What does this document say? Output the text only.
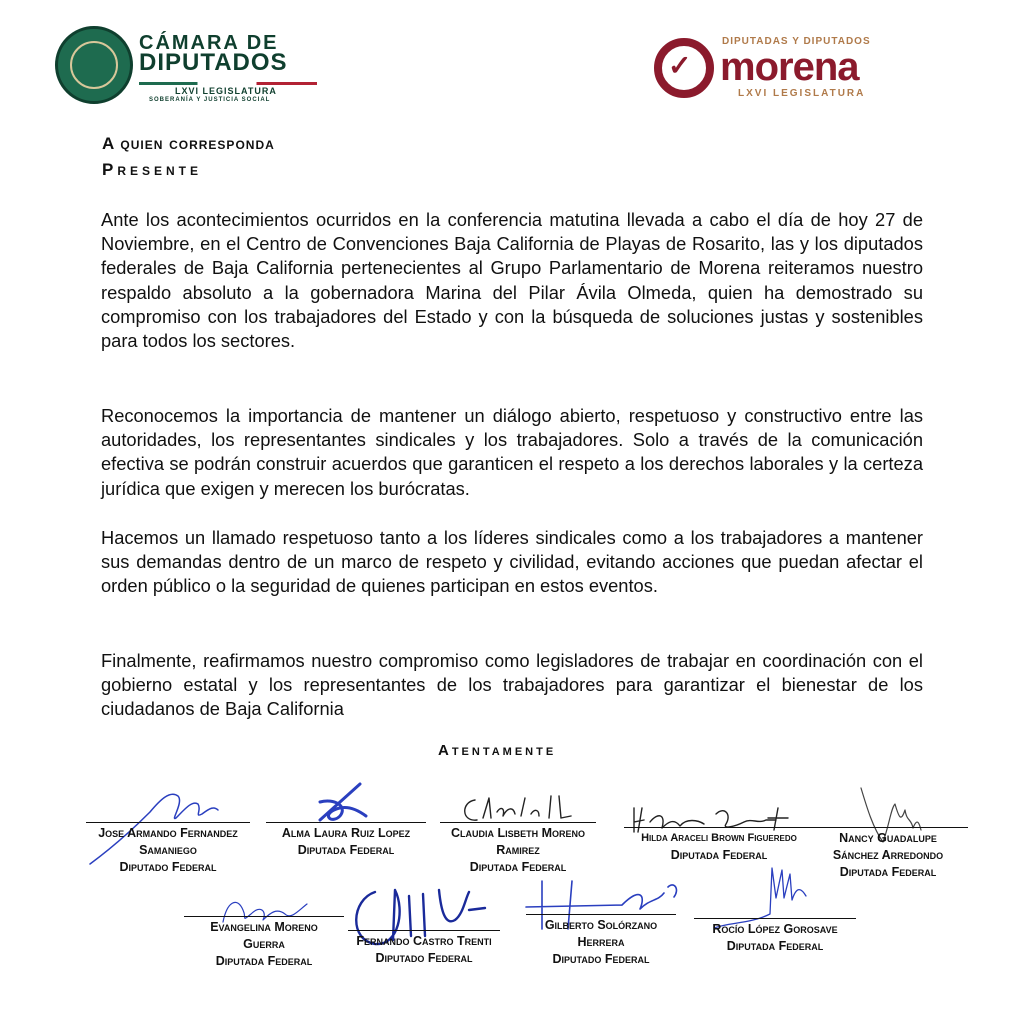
CÁMARA DE
DIPUTADOS
LXVI LEGISLATURA
SOBERANÍA Y JUSTICIA SOCIAL
✓
DIPUTADAS Y DIPUTADOS
morena
LXVI LEGISLATURA
A quien corresponda
Presente
Ante los acontecimientos ocurridos en la conferencia matutina llevada a cabo el día de hoy 27 de Noviembre, en el Centro de Convenciones Baja California de Playas de Rosarito, las y los diputados federales de Baja California pertenecientes al Grupo Parlamentario de Morena reiteramos nuestro respaldo absoluto a la gobernadora Marina del Pilar Ávila Olmeda, quien ha demostrado su compromiso con los trabajadores del Estado y con la búsqueda de soluciones justas y sostenibles para todos los sectores.
Reconocemos la importancia de mantener un diálogo abierto, respetuoso y constructivo entre las autoridades, los representantes sindicales y los trabajadores. Solo a través de la comunicación efectiva se podrán construir acuerdos que garanticen el respeto a los derechos laborales y la certeza jurídica que exigen y merecen los burócratas.
Hacemos un llamado respetuoso tanto a los líderes sindicales como a los trabajadores a mantener sus demandas dentro de un marco de respeto y civilidad, evitando acciones que puedan afectar el orden público o la seguridad de quienes participan en estos eventos.
Finalmente, reafirmamos nuestro compromiso como legisladores de trabajar en coordinación con el gobierno estatal y los representantes de los trabajadores para garantizar el bienestar de los ciudadanos de Baja California
Atentamente
Jose Armando Fernandez
Samaniego
Diputado Federal
Alma Laura Ruiz Lopez
Diputada Federal
Claudia Lisbeth Moreno
Ramirez
Diputada Federal
Hilda Araceli Brown Figueredo
Diputada Federal
Nancy Guadalupe
Sánchez Arredondo
Diputada Federal
Evangelina Moreno
Guerra
Diputada Federal
Fernando Castro Trenti
Diputado Federal
Gilberto Solórzano
Herrera
Diputado Federal
Rocío López Gorosave
Diputada Federal
